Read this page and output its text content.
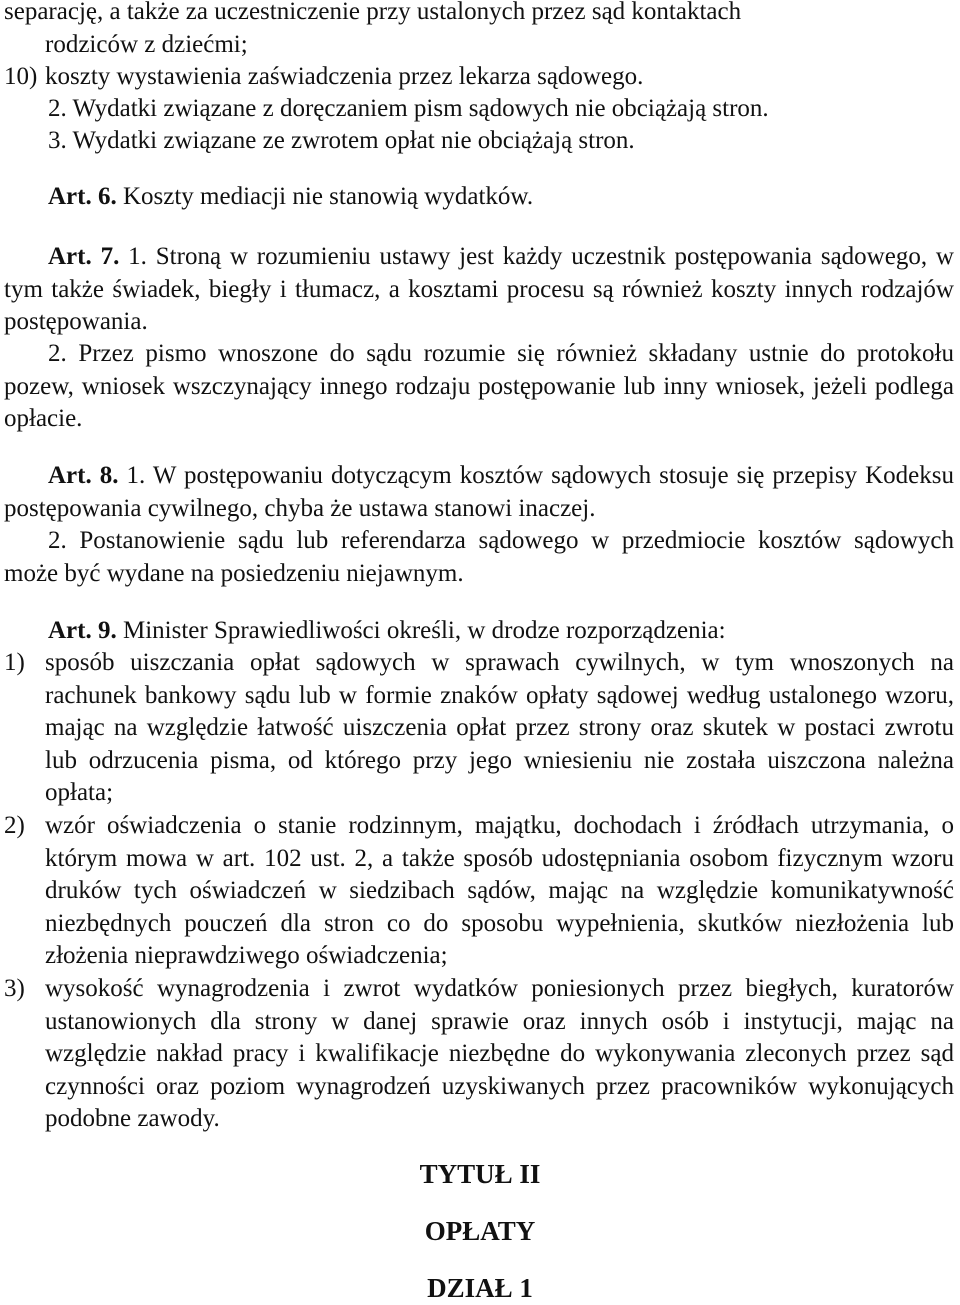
separację, a także za uczestniczenie przy ustalonych przez sąd kontaktach
rodziców z dziećmi;

10) koszty wystawienia zaświadczenia przez lekarza sądowego.

2. Wydatki związane z doręczaniem pism sądowych nie obciążają stron.

3. Wydatki związane ze zwrotem opłat nie obciążają stron.

Art. 6. Koszty mediacji nie stanowią wydatków.

Art. 7. 1. Stroną w rozumieniu ustawy jest każdy uczestnik postępowania sądowego, w tym także świadek, biegły i tłumacz, a kosztami procesu są również koszty innych rodzajów postępowania.

2. Przez pismo wnoszone do sądu rozumie się również składany ustnie do protokołu pozew, wniosek wszczynający innego rodzaju postępowanie lub inny wniosek, jeżeli podlega opłacie.

Art. 8. 1. W postępowaniu dotyczącym kosztów sądowych stosuje się przepisy Kodeksu postępowania cywilnego, chyba że ustawa stanowi inaczej.

2. Postanowienie sądu lub referendarza sądowego w przedmiocie kosztów sądowych może być wydane na posiedzeniu niejawnym.

Art. 9. Minister Sprawiedliwości określi, w drodze rozporządzenia:

1) sposób uiszczania opłat sądowych w sprawach cywilnych, w tym wnoszonych na rachunek bankowy sądu lub w formie znaków opłaty sądowej według ustalonego wzoru, mając na względzie łatwość uiszczenia opłat przez strony oraz skutek w postaci zwrotu lub odrzucenia pisma, od którego przy jego wniesieniu nie została uiszczona należna opłata;
2) wzór oświadczenia o stanie rodzinnym, majątku, dochodach i źródłach utrzymania, o którym mowa w art. 102 ust. 2, a także sposób udostępniania osobom fizycznym wzoru druków tych oświadczeń w siedzibach sądów, mając na względzie komunikatywność niezbędnych pouczeń dla stron co do sposobu wypełnienia, skutków niezłożenia lub złożenia nieprawdziwego oświadczenia;
3) wysokość wynagrodzenia i zwrot wydatków poniesionych przez biegłych, kuratorów ustanowionych dla strony w danej sprawie oraz innych osób i instytucji, mając na względzie nakład pracy i kwalifikacje niezbędne do wykonywania zleconych przez sąd czynności oraz poziom wynagrodzeń uzyskiwanych przez pracowników wykonujących podobne zawody.
TYTUŁ II
OPŁATY
DZIAŁ 1
